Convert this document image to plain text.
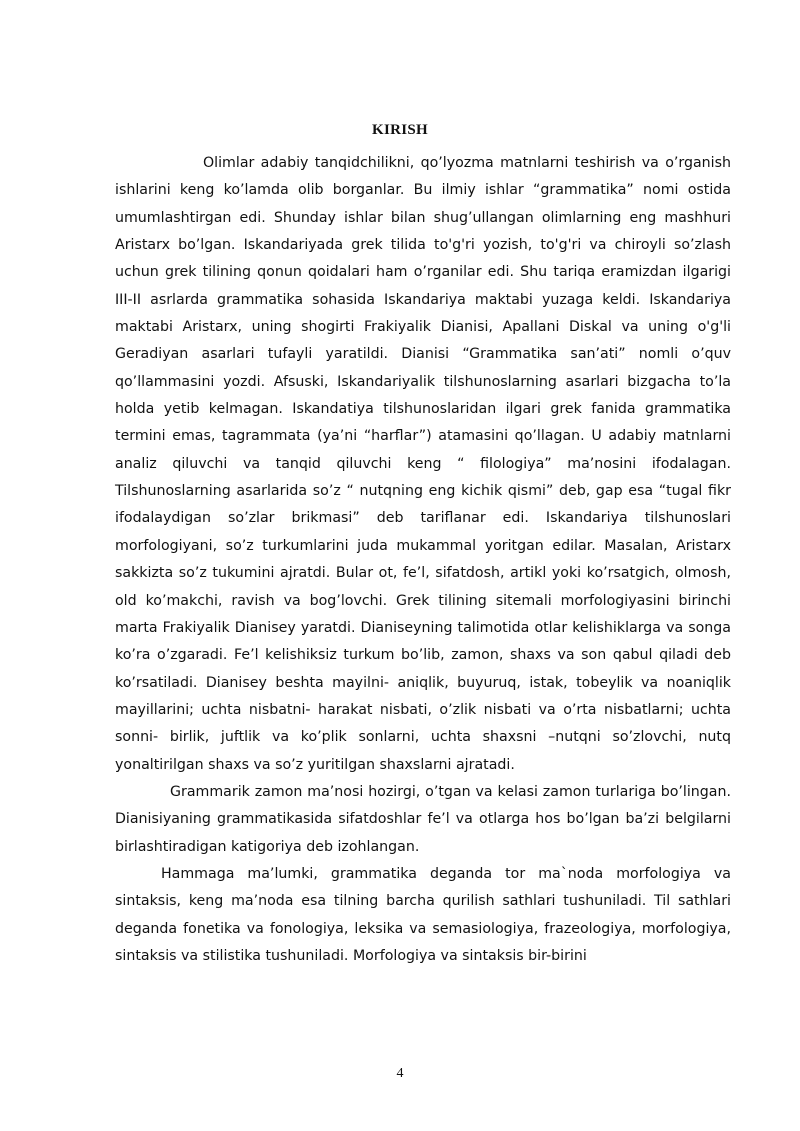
KIRISH

Olimlar adabiy tanqidchilikni, qo’lyozma matnlarni teshirish va o’rganish ishlarini keng ko’lamda olib borganlar. Bu ilmiy ishlar “grammatika” nomi ostida umumlashtirgan edi. Shunday ishlar bilan shug’ullangan olimlarning eng mashhuri Aristarx bo’lgan. Iskandariyada grek tilida to'g'ri yozish, to'g'ri va chiroyli so’zlash uchun grek tilining qonun qoidalari ham o’rganilar edi. Shu tariqa eramizdan ilgarigi III-II asrlarda grammatika sohasida Iskandariya maktabi yuzaga keldi. Iskandariya maktabi Aristarx, uning shogirti Frakiyalik Dianisi, Apallani Diskal va uning o'g'li Geradiyan asarlari tufayli yaratildi. Dianisi “Grammatika san’ati” nomli o’quv qo’llammasini yozdi. Afsuski, Iskandariyalik tilshunoslarning asarlari bizgacha to’la holda yetib kelmagan. Iskandatiya tilshunoslaridan ilgari grek fanida grammatika termini emas, tagrammata (ya’ni “harflar”) atamasini qo’llagan. U adabiy matnlarni analiz qiluvchi va tanqid qiluvchi keng “ filologiya” ma’nosini ifodalagan. Tilshunoslarning asarlarida so’z “ nutqning eng kichik qismi” deb, gap esa “tugal fikr ifodalaydigan so’zlar brikmasi” deb tariflanar edi. Iskandariya tilshunoslari morfologiyani, so’z turkumlarini juda mukammal yoritgan edilar. Masalan, Aristarx sakkizta so’z tukumini ajratdi. Bular ot, fe’l, sifatdosh, artikl yoki ko’rsatgich, olmosh, old ko’makchi, ravish va bog’lovchi. Grek tilining sitemali morfologiyasini birinchi marta Frakiyalik Dianisey yaratdi. Dianiseyning talimotida otlar kelishiklarga va songa ko’ra o’zgaradi. Fe’l kelishiksiz turkum bo’lib, zamon, shaxs va son qabul qiladi deb ko’rsatiladi. Dianisey beshta mayilni- aniqlik, buyuruq, istak, tobeylik va noaniqlik mayillarini; uchta nisbatni- harakat nisbati, o’zlik nisbati va o’rta nisbatlarni; uchta sonni- birlik, juftlik va ko’plik sonlarni, uchta shaxsni –nutqni so’zlovchi, nutq yonaltirilgan shaxs va so’z yuritilgan shaxslarni ajratadi.

Grammarik zamon ma’nosi hozirgi, o’tgan va kelasi zamon turlariga bo’lingan. Dianisiyaning grammatikasida sifatdoshlar fe’l va otlarga hos bo’lgan ba’zi belgilarni birlashtiradigan katigoriya deb izohlangan.

Hammaga ma’lumki, grammatika deganda tor ma`noda morfologiya va sintaksis, keng ma’noda esa tilning barcha qurilish sathlari tushuniladi. Til sathlari deganda fonetika va fonologiya, leksika va semasiologiya, frazeologiya, morfologiya, sintaksis va stilistika tushuniladi. Morfologiya va sintaksis bir-birini

4
